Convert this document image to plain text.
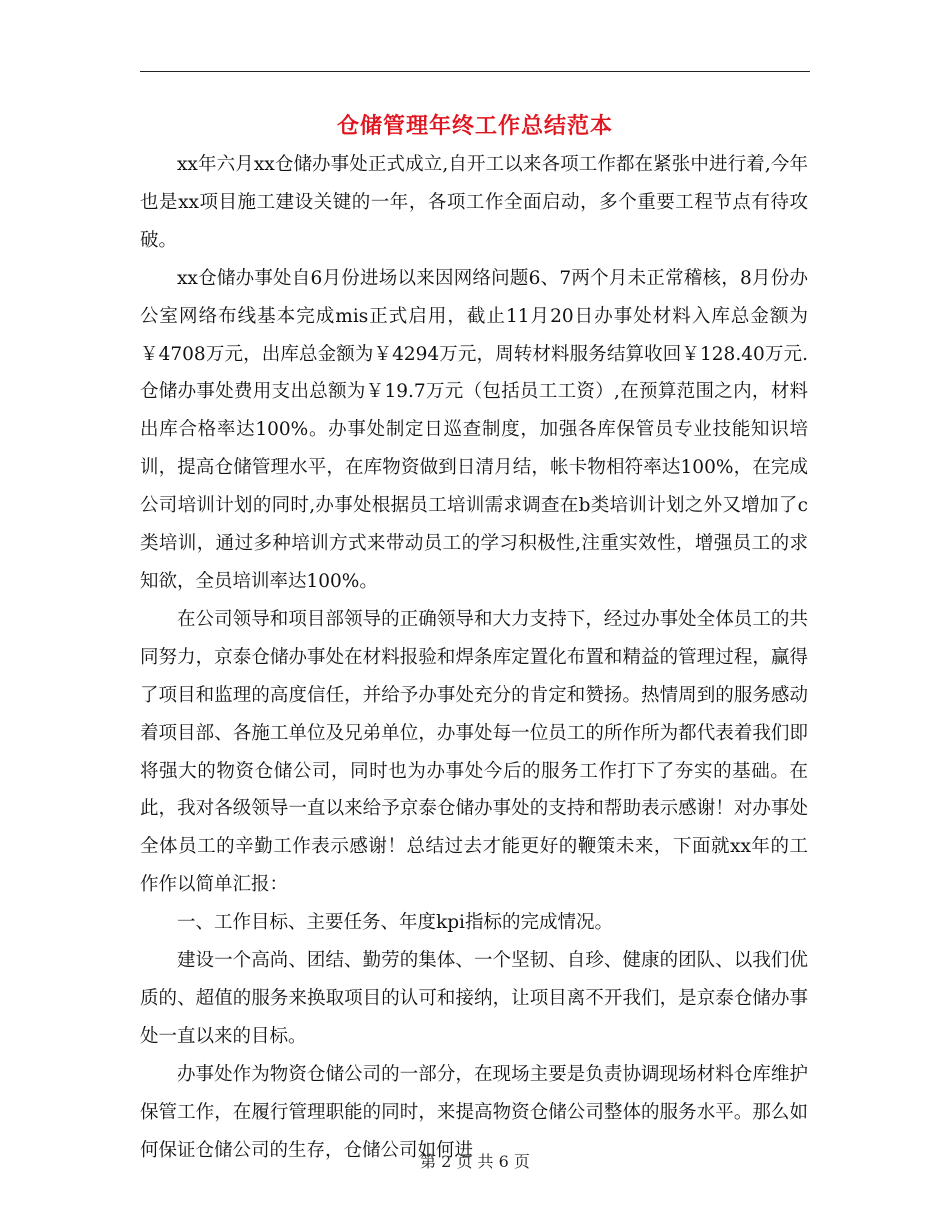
仓储管理年终工作总结范本

xx年六月xx仓储办事处正式成立,自开工以来各项工作都在紧张中进行着,今年也是xx项目施工建设关键的一年，各项工作全面启动，多个重要工程节点有待攻破。

xx仓储办事处自6月份进场以来因网络问题6、7两个月未正常稽核，8月份办公室网络布线基本完成mis正式启用，截止11月20日办事处材料入库总金额为￥4708万元，出库总金额为￥4294万元，周转材料服务结算收回￥128.40万元.仓储办事处费用支出总额为￥19.7万元（包括员工工资）,在预算范围之内，材料出库合格率达100%。办事处制定日巡查制度，加强各库保管员专业技能知识培训，提高仓储管理水平，在库物资做到日清月结，帐卡物相符率达100%，在完成公司培训计划的同时,办事处根据员工培训需求调查在b类培训计划之外又增加了c类培训，通过多种培训方式来带动员工的学习积极性,注重实效性，增强员工的求知欲，全员培训率达100%。

在公司领导和项目部领导的正确领导和大力支持下，经过办事处全体员工的共同努力，京泰仓储办事处在材料报验和焊条库定置化布置和精益的管理过程，赢得了项目和监理的高度信任，并给予办事处充分的肯定和赞扬。热情周到的服务感动着项目部、各施工单位及兄弟单位，办事处每一位员工的所作所为都代表着我们即将强大的物资仓储公司，同时也为办事处今后的服务工作打下了夯实的基础。在此，我对各级领导一直以来给予京泰仓储办事处的支持和帮助表示感谢！对办事处全体员工的辛勤工作表示感谢！总结过去才能更好的鞭策未来，下面就xx年的工作作以简单汇报：

一、工作目标、主要任务、年度kpi指标的完成情况。

建设一个高尚、团结、勤劳的集体、一个坚韧、自珍、健康的团队、以我们优质的、超值的服务来换取项目的认可和接纳，让项目离不开我们，是京泰仓储办事处一直以来的目标。

办事处作为物资仓储公司的一部分，在现场主要是负责协调现场材料仓库维护保管工作，在履行管理职能的同时，来提高物资仓储公司整体的服务水平。那么如何保证仓储公司的生存，仓储公司如何进

第 2 页 共 6 页
